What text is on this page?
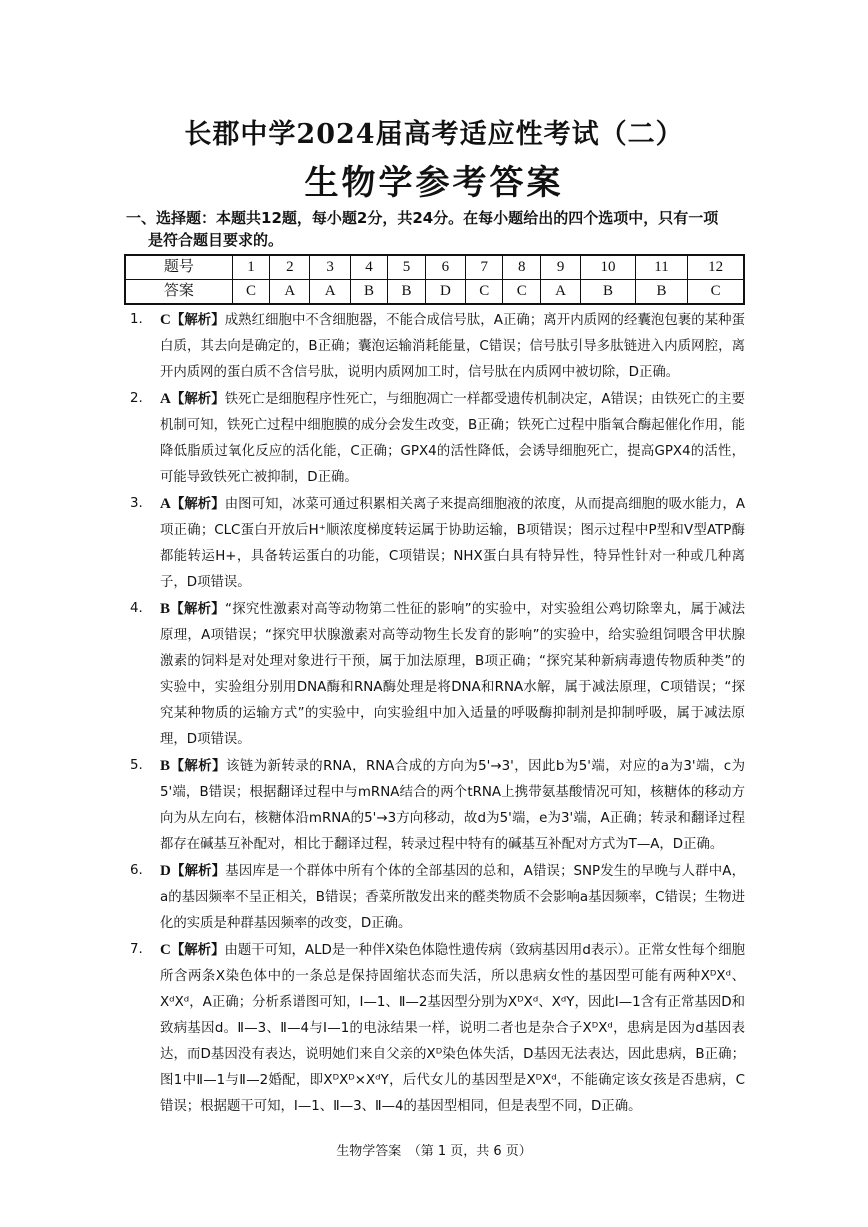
长郡中学2024届高考适应性考试（二）
生物学参考答案
一、选择题：本题共12题，每小题2分，共24分。在每小题给出的四个选项中，只有一项
是符合题目要求的。
题号	1	2	3	4	5	6	7	8	9	10	11	12
答案	C	A	A	B	B	D	C	C	A	B	B	C
1.	C【解析】成熟红细胞中不含细胞器，不能合成信号肽，A正确；离开内质网的经囊泡包裹的某种蛋白质，其去向是确定的，B正确；囊泡运输消耗能量，C错误；信号肽引导多肽链进入内质网腔，离开内质网的蛋白质不含信号肽，说明内质网加工时，信号肽在内质网中被切除，D正确。
2.	A【解析】铁死亡是细胞程序性死亡，与细胞凋亡一样都受遗传机制决定，A错误；由铁死亡的主要机制可知，铁死亡过程中细胞膜的成分会发生改变，B正确；铁死亡过程中脂氧合酶起催化作用，能降低脂质过氧化反应的活化能，C正确；GPX4的活性降低，会诱导细胞死亡，提高GPX4的活性，可能导致铁死亡被抑制，D正确。
3.	A【解析】由图可知，冰菜可通过积累相关离子来提高细胞液的浓度，从而提高细胞的吸水能力，A项正确；CLC蛋白开放后H⁺顺浓度梯度转运属于协助运输，B项错误；图示过程中P型和V型ATP酶都能转运H+，具备转运蛋白的功能，C项错误；NHX蛋白具有特异性，特异性针对一种或几种离子，D项错误。
4.	B【解析】“探究性激素对高等动物第二性征的影响”的实验中，对实验组公鸡切除睾丸，属于减法原理，A项错误；“探究甲状腺激素对高等动物生长发育的影响”的实验中，给实验组饲喂含甲状腺激素的饲料是对处理对象进行干预，属于加法原理，B项正确；“探究某种新病毒遗传物质种类”的实验中，实验组分别用DNA酶和RNA酶处理是将DNA和RNA水解，属于减法原理，C项错误；“探究某种物质的运输方式”的实验中，向实验组中加入适量的呼吸酶抑制剂是抑制呼吸，属于减法原理，D项错误。
5.	B【解析】该链为新转录的RNA，RNA合成的方向为5'→3'，因此b为5'端，对应的a为3'端，c为5'端，B错误；根据翻译过程中与mRNA结合的两个tRNA上携带氨基酸情况可知，核糖体的移动方向为从左向右，核糖体沿mRNA的5'→3方向移动，故d为5'端，e为3'端，A正确；转录和翻译过程都存在碱基互补配对，相比于翻译过程，转录过程中特有的碱基互补配对方式为T—A，D正确。
6.	D【解析】基因库是一个群体中所有个体的全部基因的总和，A错误；SNP发生的早晚与人群中A，a的基因频率不呈正相关，B错误；香菜所散发出来的醛类物质不会影响a基因频率，C错误；生物进化的实质是种群基因频率的改变，D正确。
7.	C【解析】由题干可知，ALD是一种伴X染色体隐性遗传病（致病基因用d表示）。正常女性每个细胞所含两条X染色体中的一条总是保持固缩状态而失活，所以患病女性的基因型可能有两种XᴰXᵈ、XᵈXᵈ，A正确；分析系谱图可知，Ⅰ—1、Ⅱ—2基因型分别为XᴰXᵈ、XᵈY，因此Ⅰ—1含有正常基因D和致病基因d。Ⅱ—3、Ⅱ—4与Ⅰ—1的电泳结果一样，说明二者也是杂合子XᴰXᵈ，患病是因为d基因表达，而D基因没有表达，说明她们来自父亲的Xᴰ染色体失活，D基因无法表达，因此患病，B正确；图1中Ⅱ—1与Ⅱ—2婚配，即XᴰXᴰ×XᵈY，后代女儿的基因型是XᴰXᵈ，不能确定该女孩是否患病，C错误；根据题干可知，Ⅰ—1、Ⅱ—3、Ⅱ—4的基因型相同，但是表型不同，D正确。
生物学答案　（第 1 页，共 6 页）
